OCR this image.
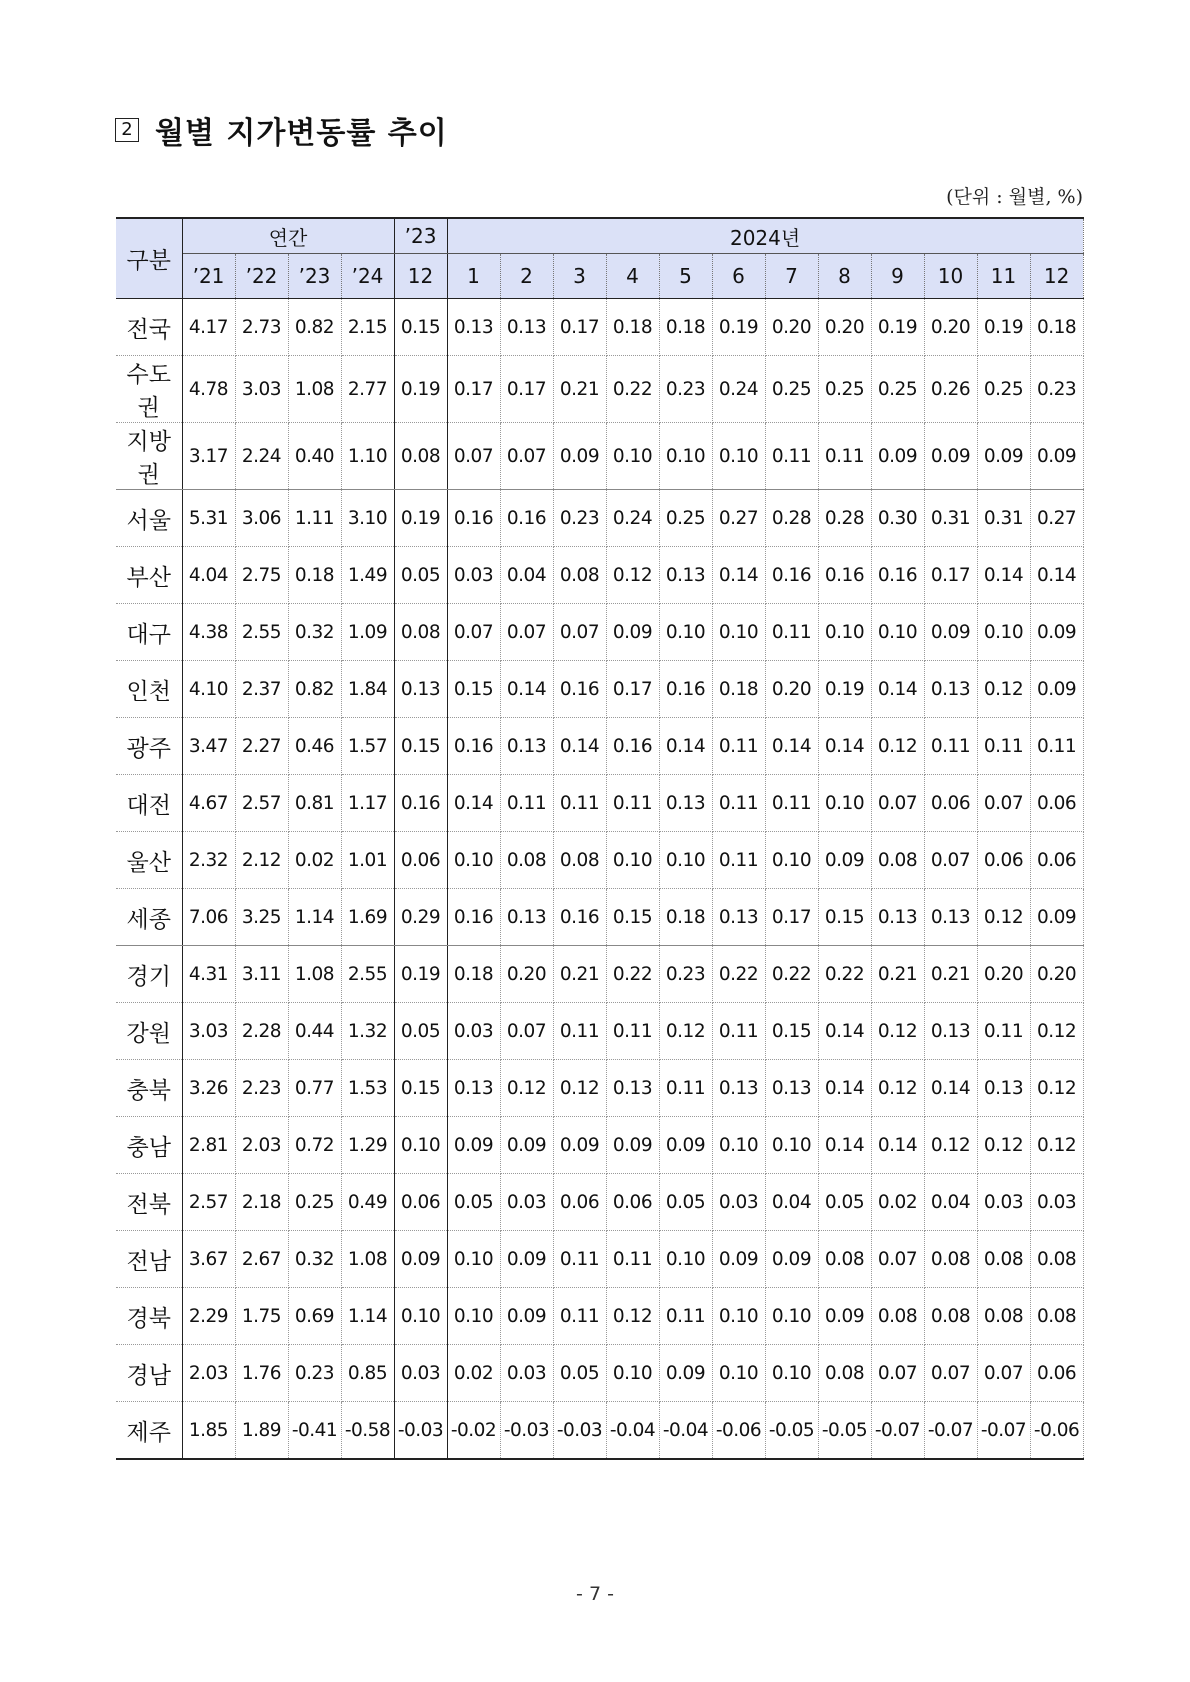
2 월별 지가변동률 추이
(단위 : 월별, %)
구분	연간				’23	2024년											
	’21	’22	’23	’24	12	1	2	3	4	5	6	7	8	9	10	11	12
전국	4.17	2.73	0.82	2.15	0.15	0.13	0.13	0.17	0.18	0.18	0.19	0.20	0.20	0.19	0.20	0.19	0.18
수도권	4.78	3.03	1.08	2.77	0.19	0.17	0.17	0.21	0.22	0.23	0.24	0.25	0.25	0.25	0.26	0.25	0.23
지방권	3.17	2.24	0.40	1.10	0.08	0.07	0.07	0.09	0.10	0.10	0.10	0.11	0.11	0.09	0.09	0.09	0.09
서울	5.31	3.06	1.11	3.10	0.19	0.16	0.16	0.23	0.24	0.25	0.27	0.28	0.28	0.30	0.31	0.31	0.27
부산	4.04	2.75	0.18	1.49	0.05	0.03	0.04	0.08	0.12	0.13	0.14	0.16	0.16	0.16	0.17	0.14	0.14
대구	4.38	2.55	0.32	1.09	0.08	0.07	0.07	0.07	0.09	0.10	0.10	0.11	0.10	0.10	0.09	0.10	0.09
인천	4.10	2.37	0.82	1.84	0.13	0.15	0.14	0.16	0.17	0.16	0.18	0.20	0.19	0.14	0.13	0.12	0.09
광주	3.47	2.27	0.46	1.57	0.15	0.16	0.13	0.14	0.16	0.14	0.11	0.14	0.14	0.12	0.11	0.11	0.11
대전	4.67	2.57	0.81	1.17	0.16	0.14	0.11	0.11	0.11	0.13	0.11	0.11	0.10	0.07	0.06	0.07	0.06
울산	2.32	2.12	0.02	1.01	0.06	0.10	0.08	0.08	0.10	0.10	0.11	0.10	0.09	0.08	0.07	0.06	0.06
세종	7.06	3.25	1.14	1.69	0.29	0.16	0.13	0.16	0.15	0.18	0.13	0.17	0.15	0.13	0.13	0.12	0.09
경기	4.31	3.11	1.08	2.55	0.19	0.18	0.20	0.21	0.22	0.23	0.22	0.22	0.22	0.21	0.21	0.20	0.20
강원	3.03	2.28	0.44	1.32	0.05	0.03	0.07	0.11	0.11	0.12	0.11	0.15	0.14	0.12	0.13	0.11	0.12
충북	3.26	2.23	0.77	1.53	0.15	0.13	0.12	0.12	0.13	0.11	0.13	0.13	0.14	0.12	0.14	0.13	0.12
충남	2.81	2.03	0.72	1.29	0.10	0.09	0.09	0.09	0.09	0.09	0.10	0.10	0.14	0.14	0.12	0.12	0.12
전북	2.57	2.18	0.25	0.49	0.06	0.05	0.03	0.06	0.06	0.05	0.03	0.04	0.05	0.02	0.04	0.03	0.03
전남	3.67	2.67	0.32	1.08	0.09	0.10	0.09	0.11	0.11	0.10	0.09	0.09	0.08	0.07	0.08	0.08	0.08
경북	2.29	1.75	0.69	1.14	0.10	0.10	0.09	0.11	0.12	0.11	0.10	0.10	0.09	0.08	0.08	0.08	0.08
경남	2.03	1.76	0.23	0.85	0.03	0.02	0.03	0.05	0.10	0.09	0.10	0.10	0.08	0.07	0.07	0.07	0.06
제주	1.85	1.89	-0.41	-0.58	-0.03	-0.02	-0.03	-0.03	-0.04	-0.04	-0.06	-0.05	-0.05	-0.07	-0.07	-0.07	-0.06
- 7 -
